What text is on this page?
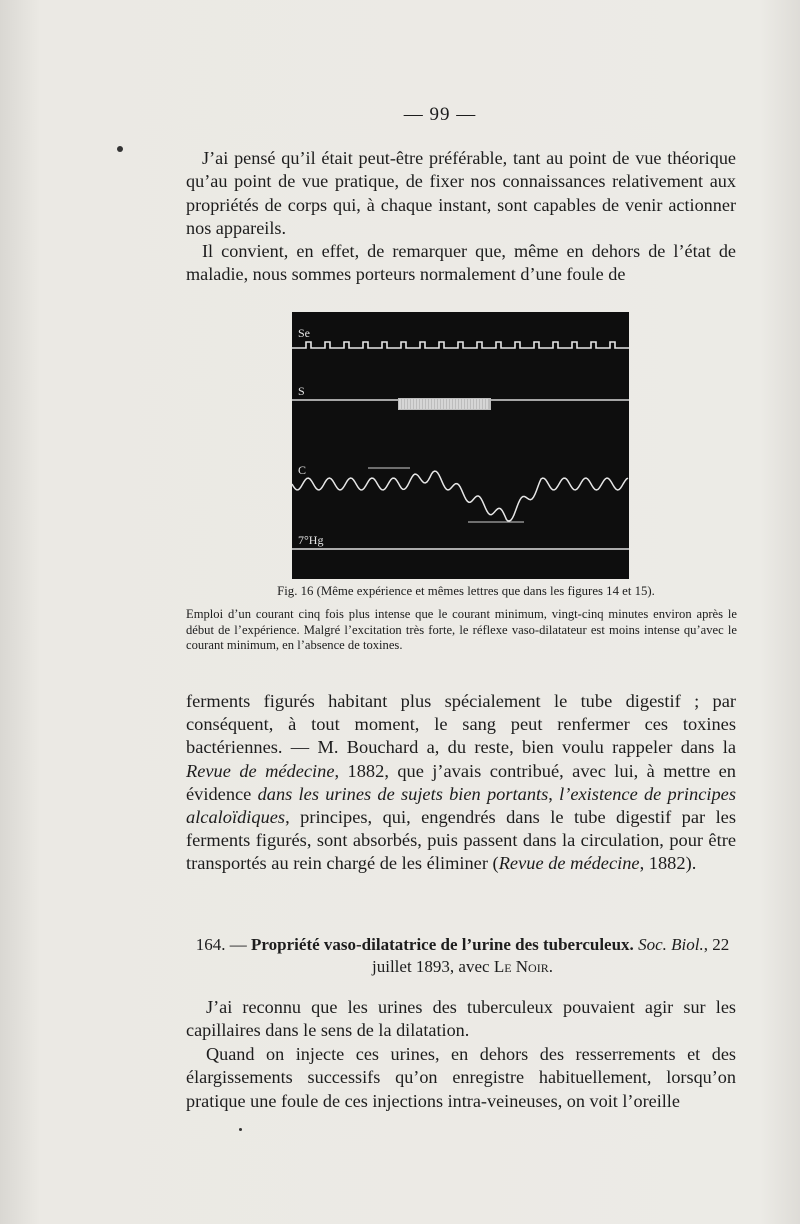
— 99 —

J’ai pensé qu’il était peut-être préférable, tant au point de vue théorique qu’au point de vue pratique, de fixer nos connaissances relativement aux propriétés de corps qui, à chaque instant, sont capables de venir actionner nos appareils.

Il convient, en effet, de remarquer que, même en dehors de l’état de maladie, nous sommes porteurs normalement d’une foule de

Se
S
C
7°Hg
Fig. 16 (Même expérience et mêmes lettres que dans les figures 14 et 15).
Emploi d’un courant cinq fois plus intense que le courant minimum, vingt-cinq minutes environ après le début de l’expérience. Malgré l’excitation très forte, le réflexe vaso-dilatateur est moins intense qu’avec le courant minimum, en l’absence de toxines.

ferments figurés habitant plus spécialement le tube digestif ; par conséquent, à tout moment, le sang peut renfermer ces toxines bactériennes. — M. Bouchard a, du reste, bien voulu rappeler dans la Revue de médecine, 1882, que j’avais contribué, avec lui, à mettre en évidence dans les urines de sujets bien portants, l’existence de principes alcaloïdiques, principes, qui, engendrés dans le tube digestif par les ferments figurés, sont absorbés, puis passent dans la circulation, pour être transportés au rein chargé de les éliminer (Revue de médecine, 1882).

164. — Propriété vaso-dilatatrice de l’urine des tuberculeux. Soc. Biol., 22 juillet 1893, avec Le Noir.

J’ai reconnu que les urines des tuberculeux pouvaient agir sur les capillaires dans le sens de la dilatation.

Quand on injecte ces urines, en dehors des resserrements et des élargissements successifs qu’on enregistre habituellement, lorsqu’on pratique une foule de ces injections intra-veineuses, on voit l’oreille
